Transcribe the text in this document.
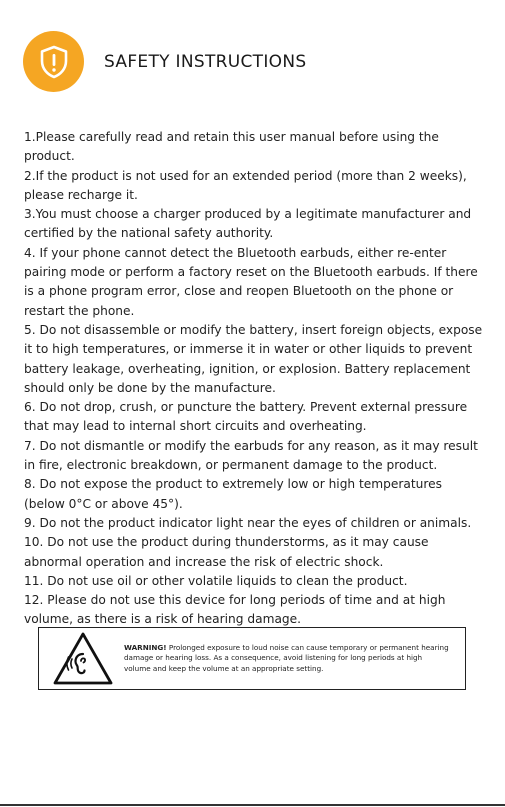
SAFETY INSTRUCTIONS

1.Please carefully read and retain this user manual before using the product.

2.If the product is not used for an extended period (more than 2 weeks), please recharge it.

3.You must choose a charger produced by a legitimate manufacturer and certified by the national safety authority.

4. If your phone cannot detect the Bluetooth earbuds, either re-enter pairing mode or perform a factory reset on the Bluetooth earbuds. If there is a phone program error, close and reopen Bluetooth on the phone or restart the phone.

5. Do not disassemble or modify the battery, insert foreign objects, expose it to high temperatures, or immerse it in water or other liquids to prevent battery leakage, overheating, ignition, or explosion. Battery replacement should only be done by the manufacture.

6. Do not drop, crush, or puncture the battery. Prevent external pressure that may lead to internal short circuits and overheating.

7. Do not dismantle or modify the earbuds for any reason, as it may result in fire, electronic breakdown, or permanent damage to the product.

8. Do not expose the product to extremely low or high temperatures (below 0°C or above 45°).

9. Do not the product indicator light near the eyes of children or animals.

10. Do not use the product during thunderstorms, as it may cause abnormal operation and increase the risk of electric shock.

11. Do not use oil or other volatile liquids to clean the product.

12. Please do not use this device for long periods of time and at high volume, as there is a risk of hearing damage.

WARNING! Prolonged exposure to loud noise can cause temporary or permanent hearing damage or hearing loss. As a consequence, avoid listening for long periods at high volume and keep the volume at an appropriate setting.
